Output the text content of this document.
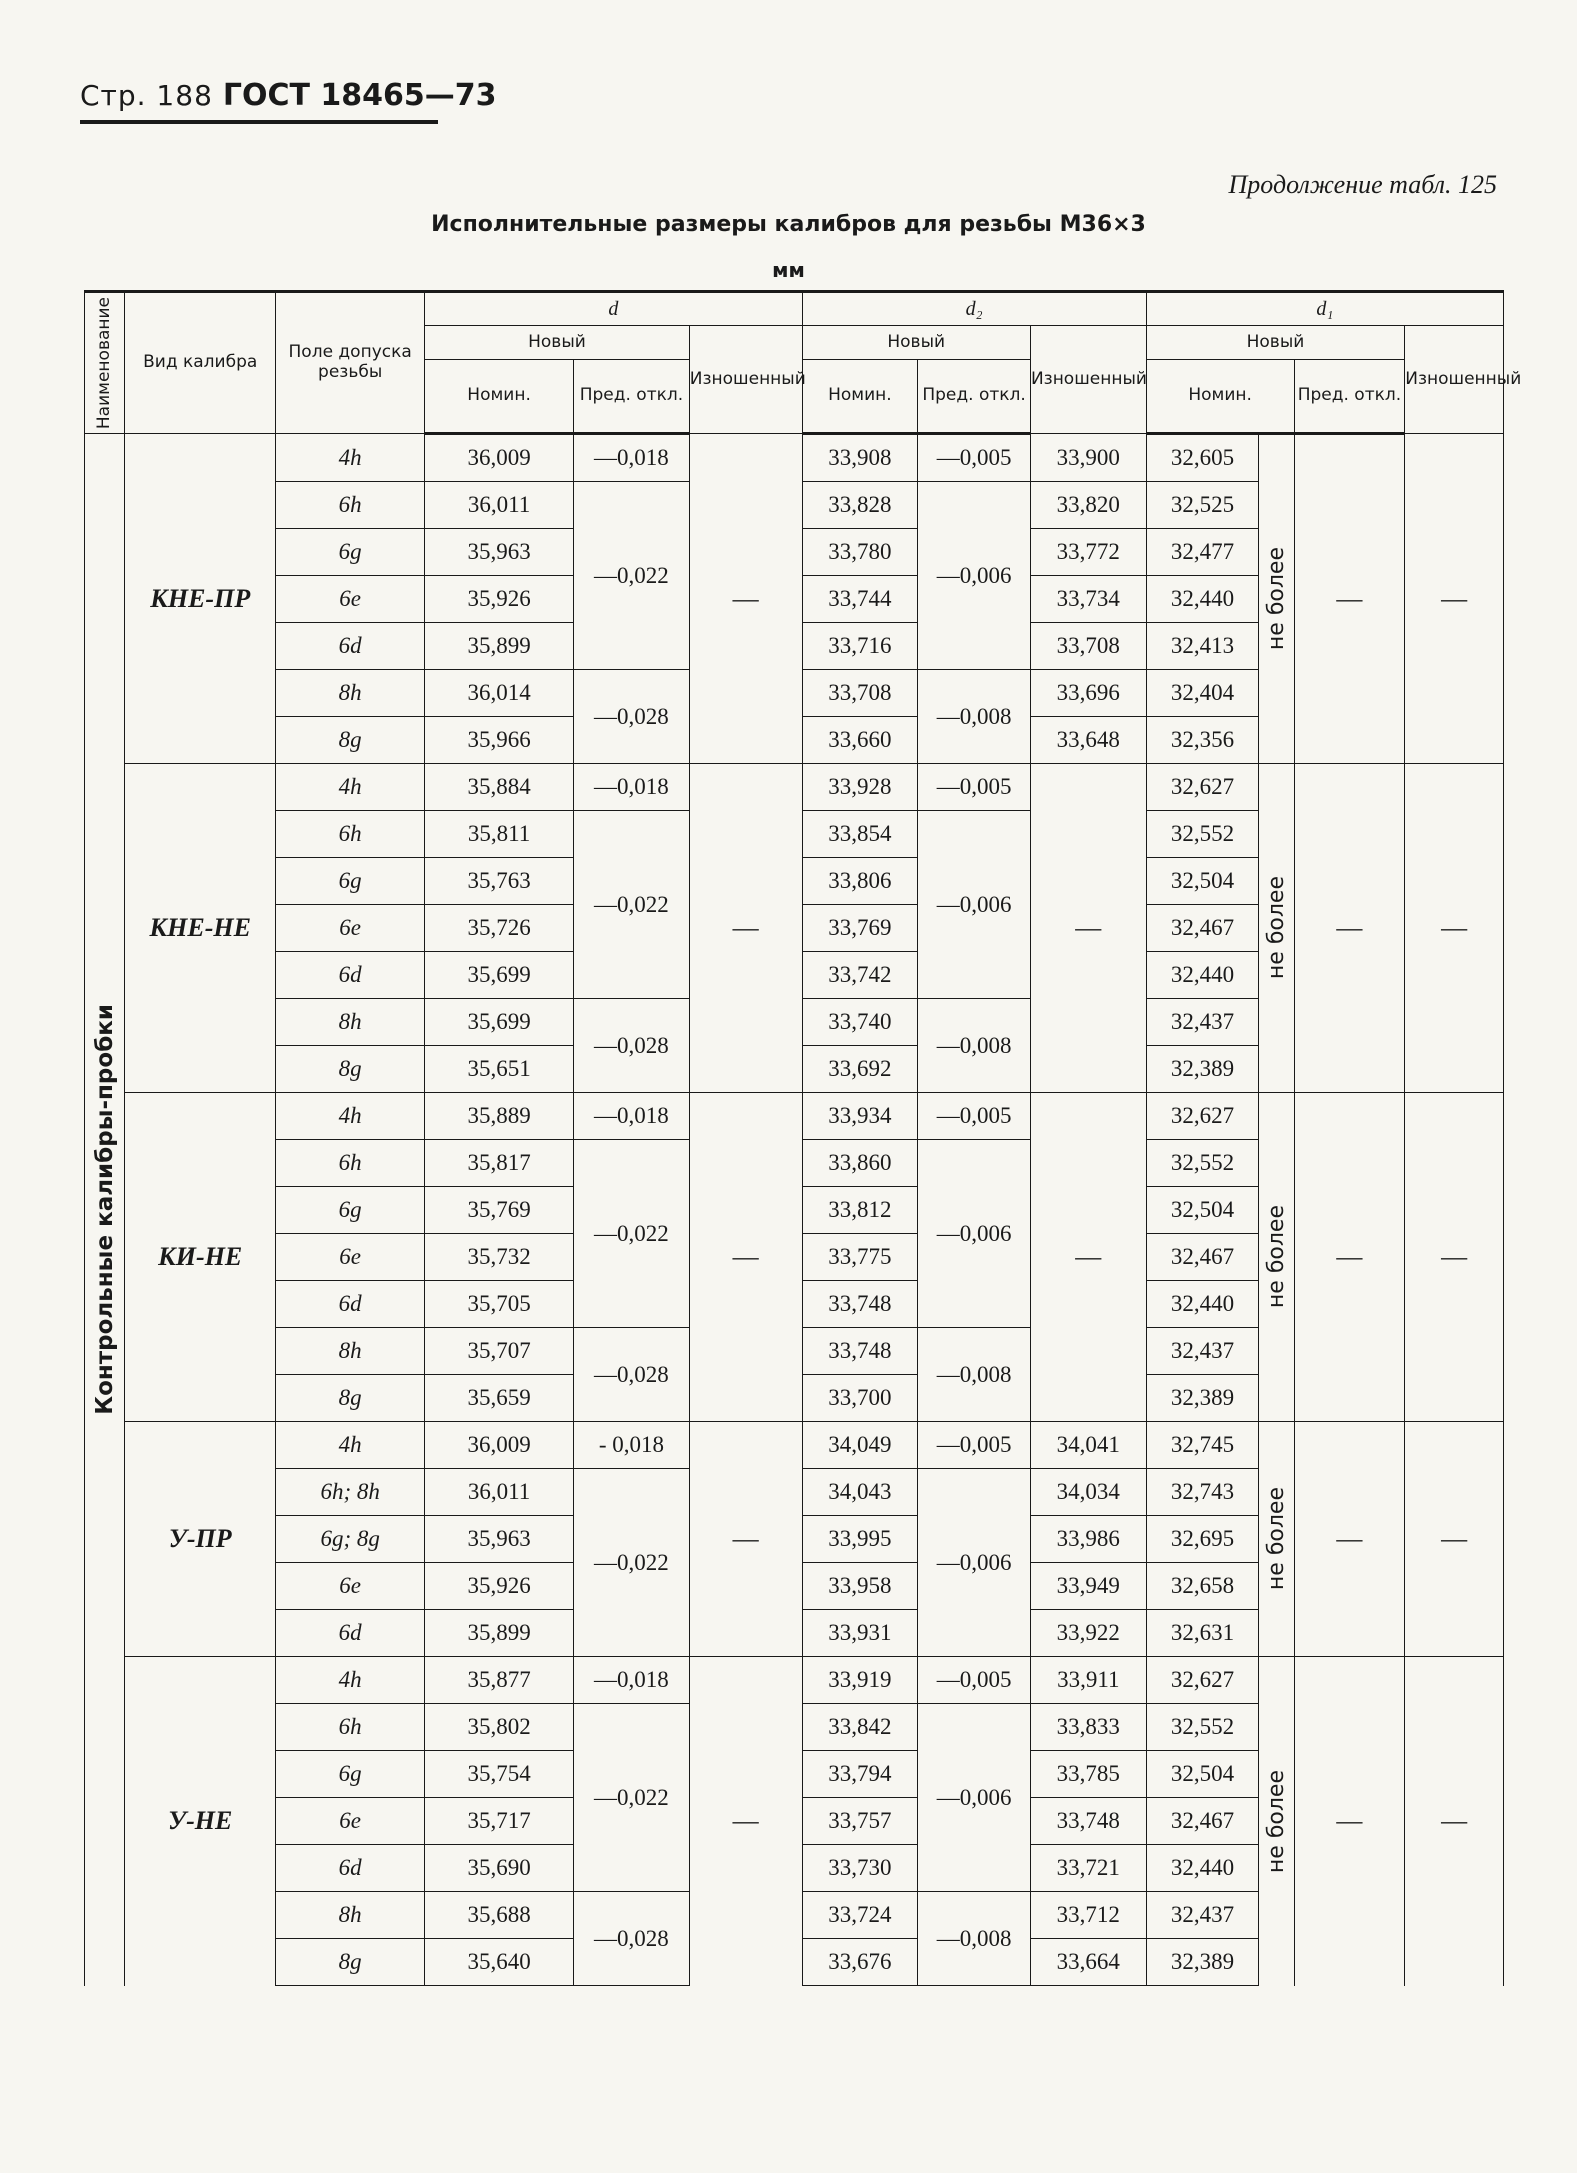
Стр. 188 ГОСТ 18465—73
Продолжение табл. 125
Исполнительные размеры калибров для резьбы М36×3
мм
Наименование	Вид калибра	Поле допуска резьбы	d			d₂			d₁			
			Новый		Изношенный	Новый		Изношенный	Новый			Изношенный
			Номин.	Пред. откл.		Номин.	Пред. откл.		Номин.		Пред. откл.	

Контрольные калибры-пробки	КНЕ-ПР	4h	36,009	—0,018	—	33,908	—0,005	33,900	32,605	не более	—	—
		6h	36,011	—0,022		33,828	—0,006	33,820	32,525			
		6g	35,963			33,780		33,772	32,477			
		6e	35,926			33,744		33,734	32,440			
		6d	35,899			33,716		33,708	32,413			
		8h	36,014	—0,028		33,708	—0,008	33,696	32,404			
		8g	35,966			33,660		33,648	32,356			
	КНЕ-НЕ	4h	35,884	—0,018	—	33,928	—0,005	—	32,627	не более	—	—
		6h	35,811	—0,022		33,854	—0,006		32,552			
		6g	35,763			33,806			32,504			
		6e	35,726			33,769			32,467			
		6d	35,699			33,742			32,440			
		8h	35,699	—0,028		33,740	—0,008		32,437			
		8g	35,651			33,692			32,389			
	КИ-НЕ	4h	35,889	—0,018	—	33,934	—0,005	—	32,627	не более	—	—
		6h	35,817	—0,022		33,860	—0,006		32,552			
		6g	35,769			33,812			32,504			
		6e	35,732			33,775			32,467			
		6d	35,705			33,748			32,440			
		8h	35,707	—0,028		33,748	—0,008		32,437			
		8g	35,659			33,700			32,389			
	У-ПР	4h	36,009	- 0,018	—	34,049	—0,005	34,041	32,745	не более	—	—
		6h; 8h	36,011	—0,022		34,043	—0,006	34,034	32,743			
		6g; 8g	35,963			33,995		33,986	32,695			
		6e	35,926			33,958		33,949	32,658			
		6d	35,899			33,931		33,922	32,631			
	У-НЕ	4h	35,877	—0,018	—	33,919	—0,005	33,911	32,627	не более	—	—
		6h	35,802	—0,022		33,842	—0,006	33,833	32,552			
		6g	35,754			33,794		33,785	32,504			
		6e	35,717			33,757		33,748	32,467			
		6d	35,690			33,730		33,721	32,440			
		8h	35,688	—0,028		33,724	—0,008	33,712	32,437			
		8g	35,640			33,676		33,664	32,389			
